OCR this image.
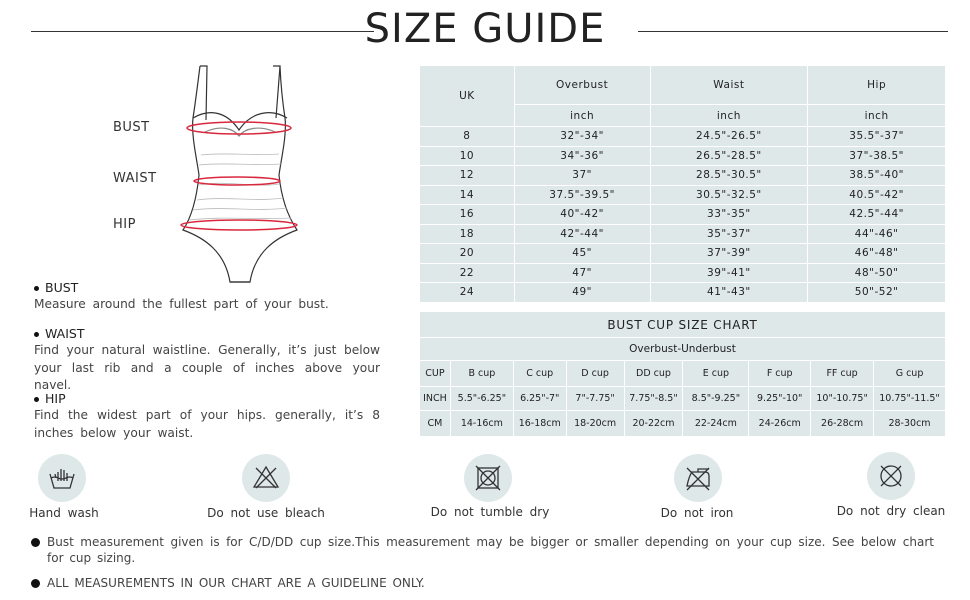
SIZE GUIDE
BUST
WAIST
HIP
BUST
Measure around the fullest part of your bust.
WAIST
Find your natural waistline. Generally, it’s just below your last rib and a couple of inches above your navel.
HIP
Find the widest part of your hips. generally, it’s 8 inches below your waist.
UK	Overbust	Waist	Hip
	inch	inch	inch
8	32"-34"	24.5"-26.5"	35.5"-37"
10	34"-36"	26.5"-28.5"	37"-38.5"
12	37"	28.5"-30.5"	38.5"-40"
14	37.5"-39.5"	30.5"-32.5"	40.5"-42"
16	40"-42"	33"-35"	42.5"-44"
18	42"-44"	35"-37"	44"-46"
20	45"	37"-39"	46"-48"
22	47"	39"-41"	48"-50"
24	49"	41"-43"	50"-52"
BUST CUP SIZE CHART								
Overbust-Underbust								
CUP	B cup	C cup	D cup	DD cup	E cup	F cup	FF cup	G cup
INCH	5.5"-6.25"	6.25"-7"	7"-7.75"	7.75"-8.5"	8.5"-9.25"	9.25"-10"	10"-10.75"	10.75"-11.5"
CM	14-16cm	16-18cm	18-20cm	20-22cm	22-24cm	24-26cm	26-28cm	28-30cm
Hand wash	Do not use bleach	Do not tumble dry	Do not iron	Do not dry clean
Bust measurement given is for C/D/DD cup size.This measurement may be bigger or smaller depending on your cup size. See below chart for cup sizing.
ALL MEASUREMENTS IN OUR CHART ARE A GUIDELINE ONLY.
